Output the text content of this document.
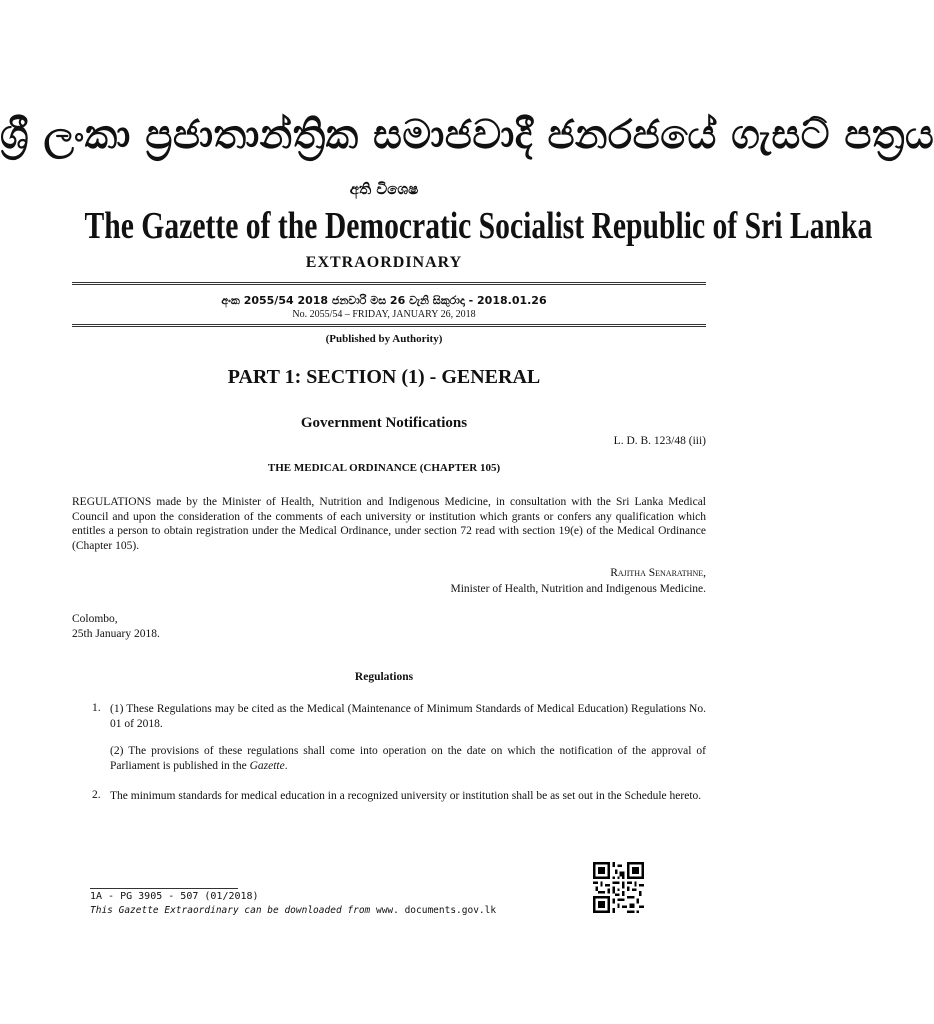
ශ්‍රී ලංකා ප්‍රජාතාන්ත්‍රික සමාජවාදී ජනරජයේ ගැසට් පත්‍රය
අති විශෙෂ
The Gazette of the Democratic Socialist Republic of Sri Lanka
EXTRAORDINARY
අංක 2055/54 2018 ජනවාරි මස 26 වැනි සිකුරාදා - 2018.01.26
No. 2055/54 – FRIDAY, JANUARY 26, 2018
(Published by Authority)
PART 1: SECTION (1) - GENERAL
Government Notifications
L. D. B. 123/48 (iii)
THE MEDICAL ORDINANCE (CHAPTER 105)
REGULATIONS made by the Minister of Health, Nutrition and Indigenous Medicine, in consultation with the Sri Lanka Medical Council and upon the consideration of the comments of each university or institution which grants or confers any qualification which entitles a person to obtain registration under the Medical Ordinance, under section 72 read with section 19(e) of the Medical Ordinance (Chapter 105).
Rajitha Senarathne,
Minister of Health, Nutrition and Indigenous Medicine.
Colombo,
25th January 2018.
Regulations
1. (1) These Regulations may be cited as the Medical (Maintenance of Minimum Standards of Medical Education) Regulations No. 01 of 2018.
(2) The provisions of these regulations shall come into operation on the date on which the notification of the approval of Parliament is published in the Gazette.
2. The minimum standards for medical education in a recognized university or institution shall be as set out in the Schedule hereto.
1A - PG 3905 - 507 (01/2018)
This Gazette Extraordinary can be downloaded from www. documents.gov.lk
